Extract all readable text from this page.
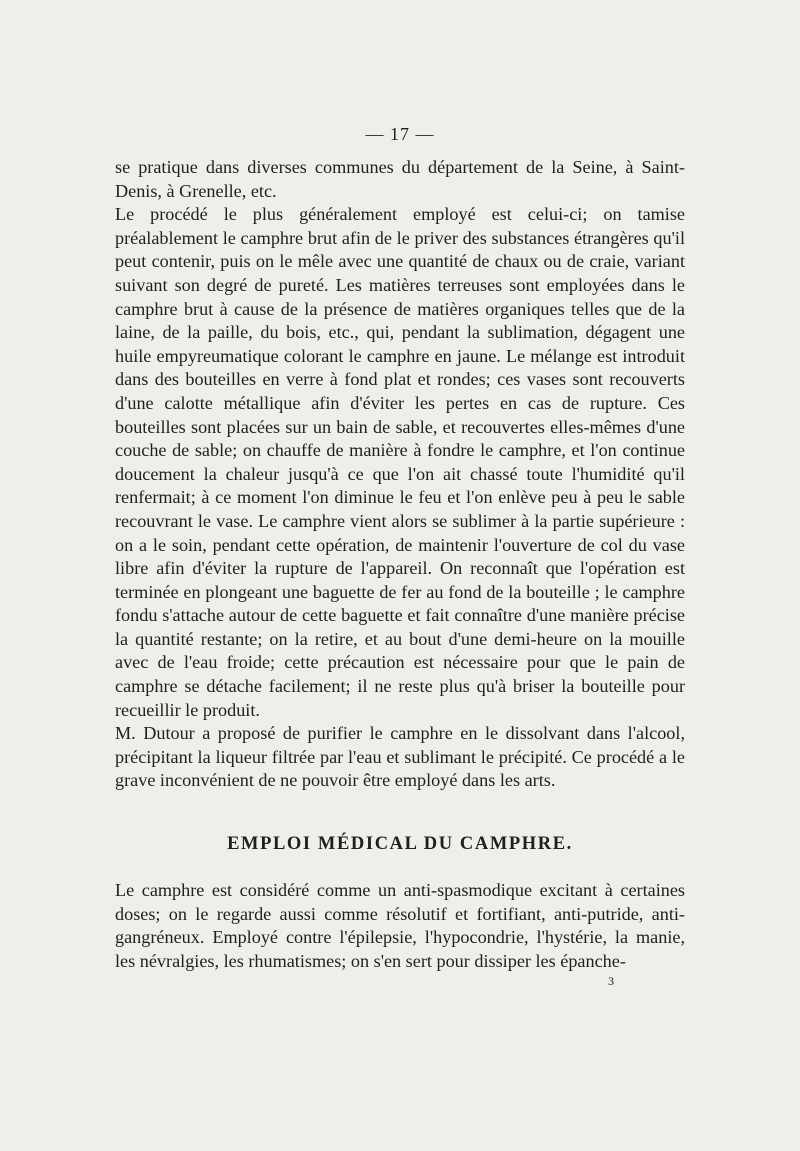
— 17 —

se pratique dans diverses communes du département de la Seine, à Saint-Denis, à Grenelle, etc.

Le procédé le plus généralement employé est celui-ci; on tamise préalablement le camphre brut afin de le priver des substances étrangères qu'il peut contenir, puis on le mêle avec une quantité de chaux ou de craie, variant suivant son degré de pureté. Les matières terreuses sont employées dans le camphre brut à cause de la présence de matières organiques telles que de la laine, de la paille, du bois, etc., qui, pendant la sublimation, dégagent une huile empyreumatique colorant le camphre en jaune. Le mélange est introduit dans des bouteilles en verre à fond plat et rondes; ces vases sont recouverts d'une calotte métallique afin d'éviter les pertes en cas de rupture. Ces bouteilles sont placées sur un bain de sable, et recouvertes elles-mêmes d'une couche de sable; on chauffe de manière à fondre le camphre, et l'on continue doucement la chaleur jusqu'à ce que l'on ait chassé toute l'humidité qu'il renfermait; à ce moment l'on diminue le feu et l'on enlève peu à peu le sable recouvrant le vase. Le camphre vient alors se sublimer à la partie supérieure : on a le soin, pendant cette opération, de maintenir l'ouverture de col du vase libre afin d'éviter la rupture de l'appareil. On reconnaît que l'opération est terminée en plongeant une baguette de fer au fond de la bouteille ; le camphre fondu s'attache autour de cette baguette et fait connaître d'une manière précise la quantité restante; on la retire, et au bout d'une demi-heure on la mouille avec de l'eau froide; cette précaution est nécessaire pour que le pain de camphre se détache facilement; il ne reste plus qu'à briser la bouteille pour recueillir le produit.

M. Dutour a proposé de purifier le camphre en le dissolvant dans l'alcool, précipitant la liqueur filtrée par l'eau et sublimant le précipité. Ce procédé a le grave inconvénient de ne pouvoir être employé dans les arts.

EMPLOI MÉDICAL DU CAMPHRE.

Le camphre est considéré comme un anti-spasmodique excitant à certaines doses; on le regarde aussi comme résolutif et fortifiant, anti-putride, anti-gangréneux. Employé contre l'épilepsie, l'hypocondrie, l'hystérie, la manie, les névralgies, les rhumatismes; on s'en sert pour dissiper les épanche-

3
